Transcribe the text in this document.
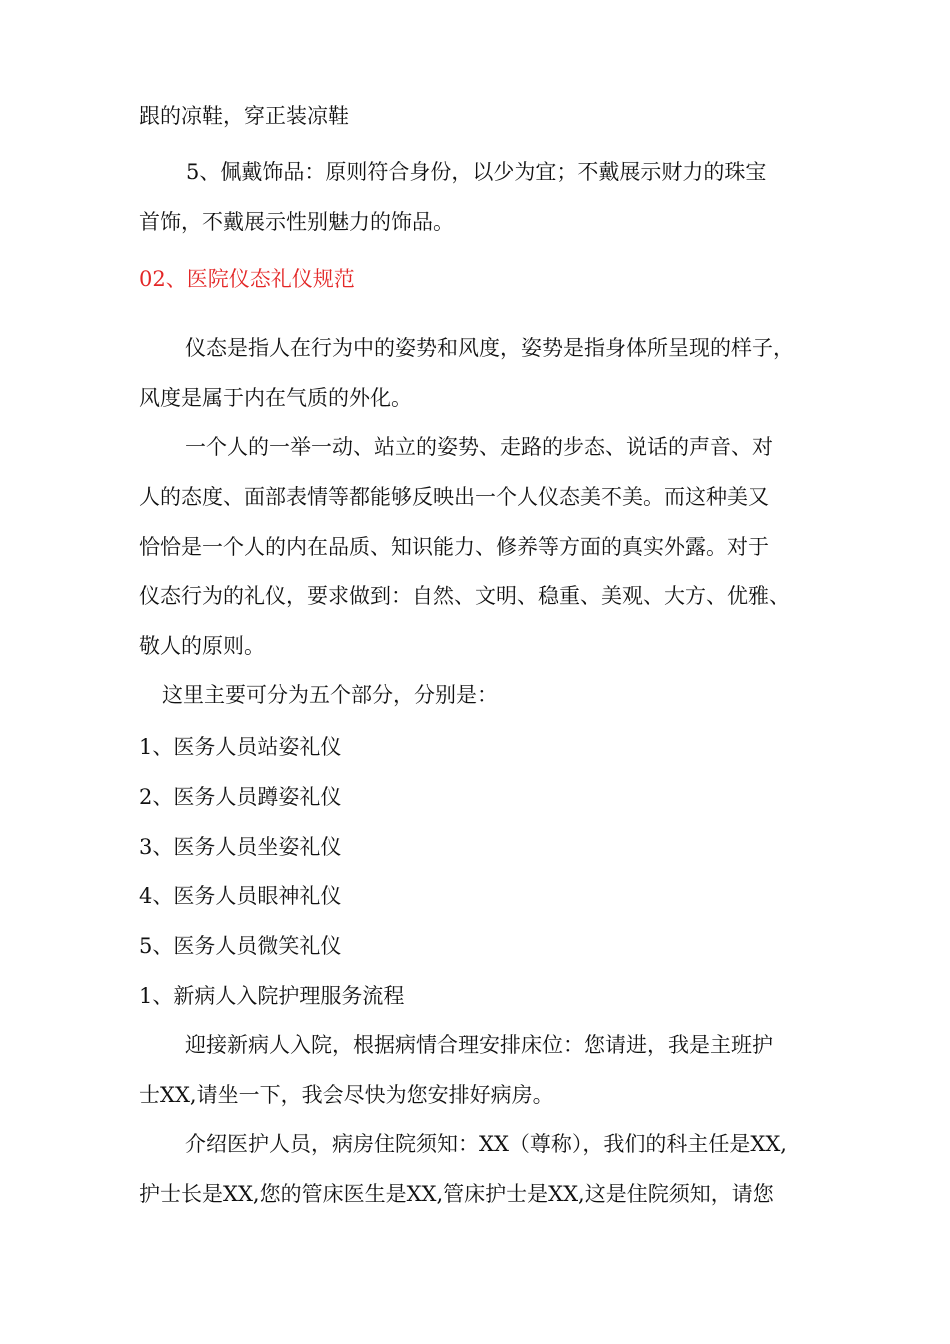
跟的凉鞋，穿正装凉鞋
5、佩戴饰品：原则符合身份，以少为宜；不戴展示财力的珠宝
首饰，不戴展示性别魅力的饰品。
02、医院仪态礼仪规范
仪态是指人在行为中的姿势和风度，姿势是指身体所呈现的样子，
风度是属于内在气质的外化。
一个人的一举一动、站立的姿势、走路的步态、说话的声音、对
人的态度、面部表情等都能够反映出一个人仪态美不美。而这种美又
恰恰是一个人的内在品质、知识能力、修养等方面的真实外露。对于
仪态行为的礼仪，要求做到：自然、文明、稳重、美观、大方、优雅、
敬人的原则。
这里主要可分为五个部分，分别是：
1、医务人员站姿礼仪
2、医务人员蹲姿礼仪
3、医务人员坐姿礼仪
4、医务人员眼神礼仪
5、医务人员微笑礼仪
1、新病人入院护理服务流程
迎接新病人入院，根据病情合理安排床位：您请进，我是主班护
士XX,请坐一下，我会尽快为您安排好病房。
介绍医护人员，病房住院须知：XX（尊称），我们的科主任是XX,
护士长是XX,您的管床医生是XX,管床护士是XX,这是住院须知，请您
